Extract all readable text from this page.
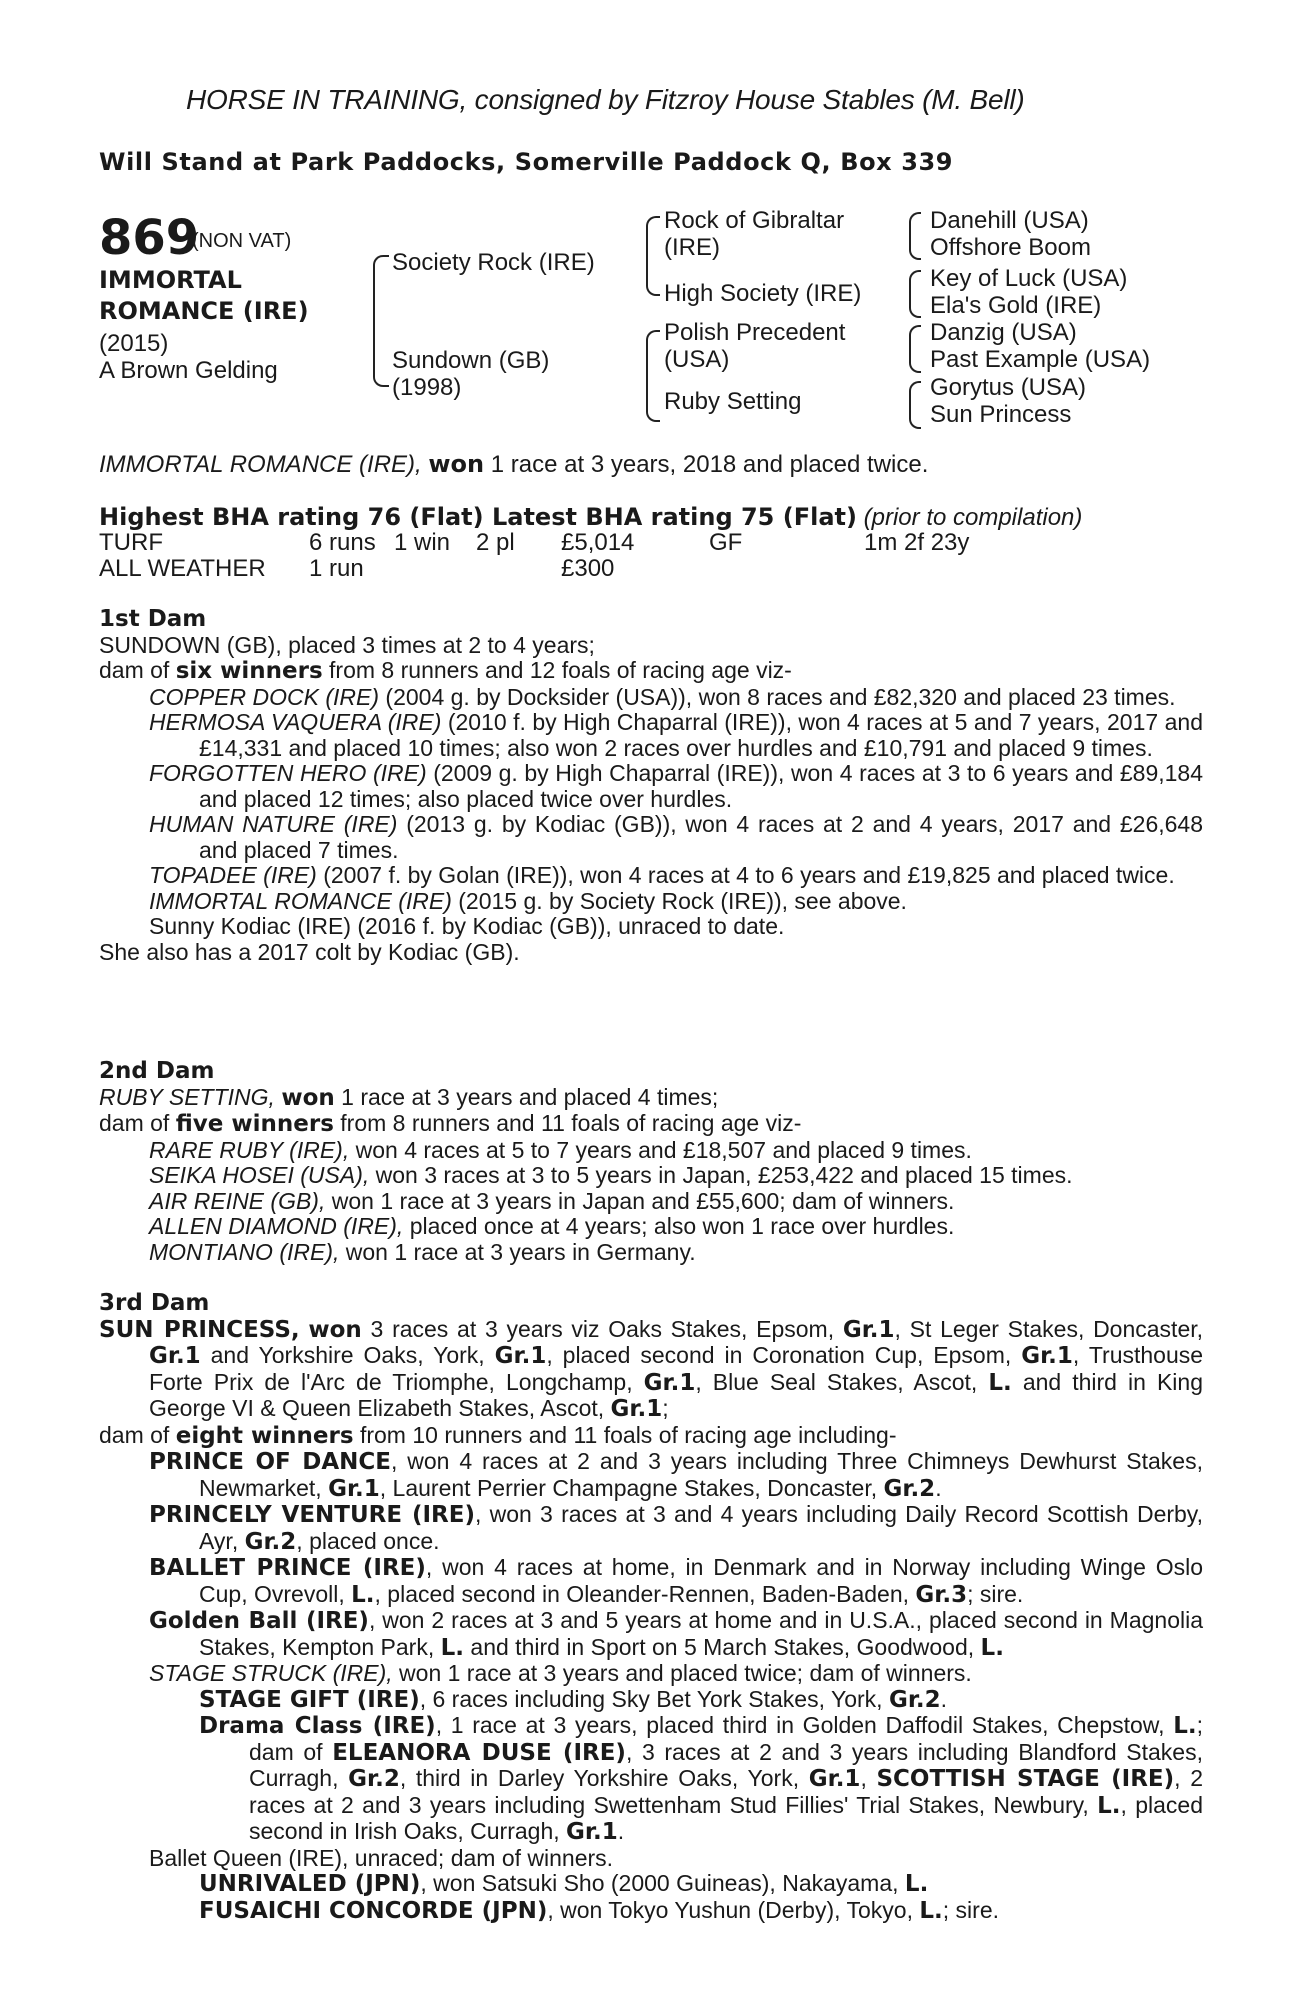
HORSE IN TRAINING, consigned by Fitzroy House Stables (M. Bell)
Will Stand at Park Paddocks, Somerville Paddock Q, Box 339
869
(NON VAT)
IMMORTAL
ROMANCE (IRE)
(2015)
A Brown Gelding
Society Rock (IRE)
Sundown (GB)
(1998)
Rock of Gibraltar
(IRE)
High Society (IRE)
Polish Precedent
(USA)
Ruby Setting
Danehill (USA)
Offshore Boom
Key of Luck (USA)
Ela's Gold (IRE)
Danzig (USA)
Past Example (USA)
Gorytus (USA)
Sun Princess
IMMORTAL ROMANCE (IRE), won 1 race at 3 years, 2018 and placed twice.
Highest BHA rating 76 (Flat) Latest BHA rating 75 (Flat) (prior to compilation)
TURF	6 runs 1 win 2 pl £5,014	GF	1m 2f 23y
ALL WEATHER 1 run	£300

1st Dam

SUNDOWN (GB), placed 3 times at 2 to 4 years;

dam of six winners from 8 runners and 12 foals of racing age viz-

COPPER DOCK (IRE) (2004 g. by Docksider (USA)), won 8 races and £82,320 and placed 23 times.

HERMOSA VAQUERA (IRE) (2010 f. by High Chaparral (IRE)), won 4 races at 5 and 7 years, 2017 and £14,331 and placed 10 times; also won 2 races over hurdles and £10,791 and placed 9 times.

FORGOTTEN HERO (IRE) (2009 g. by High Chaparral (IRE)), won 4 races at 3 to 6 years and £89,184 and placed 12 times; also placed twice over hurdles.

HUMAN NATURE (IRE) (2013 g. by Kodiac (GB)), won 4 races at 2 and 4 years, 2017 and £26,648 and placed 7 times.

TOPADEE (IRE) (2007 f. by Golan (IRE)), won 4 races at 4 to 6 years and £19,825 and placed twice.

IMMORTAL ROMANCE (IRE) (2015 g. by Society Rock (IRE)), see above.

Sunny Kodiac (IRE) (2016 f. by Kodiac (GB)), unraced to date.

She also has a 2017 colt by Kodiac (GB).

2nd Dam

RUBY SETTING, won 1 race at 3 years and placed 4 times;

dam of five winners from 8 runners and 11 foals of racing age viz-

RARE RUBY (IRE), won 4 races at 5 to 7 years and £18,507 and placed 9 times.

SEIKA HOSEI (USA), won 3 races at 3 to 5 years in Japan, £253,422 and placed 15 times.

AIR REINE (GB), won 1 race at 3 years in Japan and £55,600; dam of winners.

ALLEN DIAMOND (IRE), placed once at 4 years; also won 1 race over hurdles.

MONTIANO (IRE), won 1 race at 3 years in Germany.

3rd Dam

SUN PRINCESS, won 3 races at 3 years viz Oaks Stakes, Epsom, Gr.1, St Leger Stakes, Doncaster, Gr.1 and Yorkshire Oaks, York, Gr.1, placed second in Coronation Cup, Epsom, Gr.1, Trusthouse Forte Prix de l'Arc de Triomphe, Longchamp, Gr.1, Blue Seal Stakes, Ascot, L. and third in King George VI & Queen Elizabeth Stakes, Ascot, Gr.1;

dam of eight winners from 10 runners and 11 foals of racing age including-

PRINCE OF DANCE, won 4 races at 2 and 3 years including Three Chimneys Dewhurst Stakes, Newmarket, Gr.1, Laurent Perrier Champagne Stakes, Doncaster, Gr.2.

PRINCELY VENTURE (IRE), won 3 races at 3 and 4 years including Daily Record Scottish Derby, Ayr, Gr.2, placed once.

BALLET PRINCE (IRE), won 4 races at home, in Denmark and in Norway including Winge Oslo Cup, Ovrevoll, L., placed second in Oleander-Rennen, Baden-Baden, Gr.3; sire.

Golden Ball (IRE), won 2 races at 3 and 5 years at home and in U.S.A., placed second in Magnolia Stakes, Kempton Park, L. and third in Sport on 5 March Stakes, Goodwood, L.

STAGE STRUCK (IRE), won 1 race at 3 years and placed twice; dam of winners.

STAGE GIFT (IRE), 6 races including Sky Bet York Stakes, York, Gr.2.

Drama Class (IRE), 1 race at 3 years, placed third in Golden Daffodil Stakes, Chepstow, L.; dam of ELEANORA DUSE (IRE), 3 races at 2 and 3 years including Blandford Stakes, Curragh, Gr.2, third in Darley Yorkshire Oaks, York, Gr.1, SCOTTISH STAGE (IRE), 2 races at 2 and 3 years including Swettenham Stud Fillies' Trial Stakes, Newbury, L., placed second in Irish Oaks, Curragh, Gr.1.

Ballet Queen (IRE), unraced; dam of winners.

UNRIVALED (JPN), won Satsuki Sho (2000 Guineas), Nakayama, L.

FUSAICHI CONCORDE (JPN), won Tokyo Yushun (Derby), Tokyo, L.; sire.
